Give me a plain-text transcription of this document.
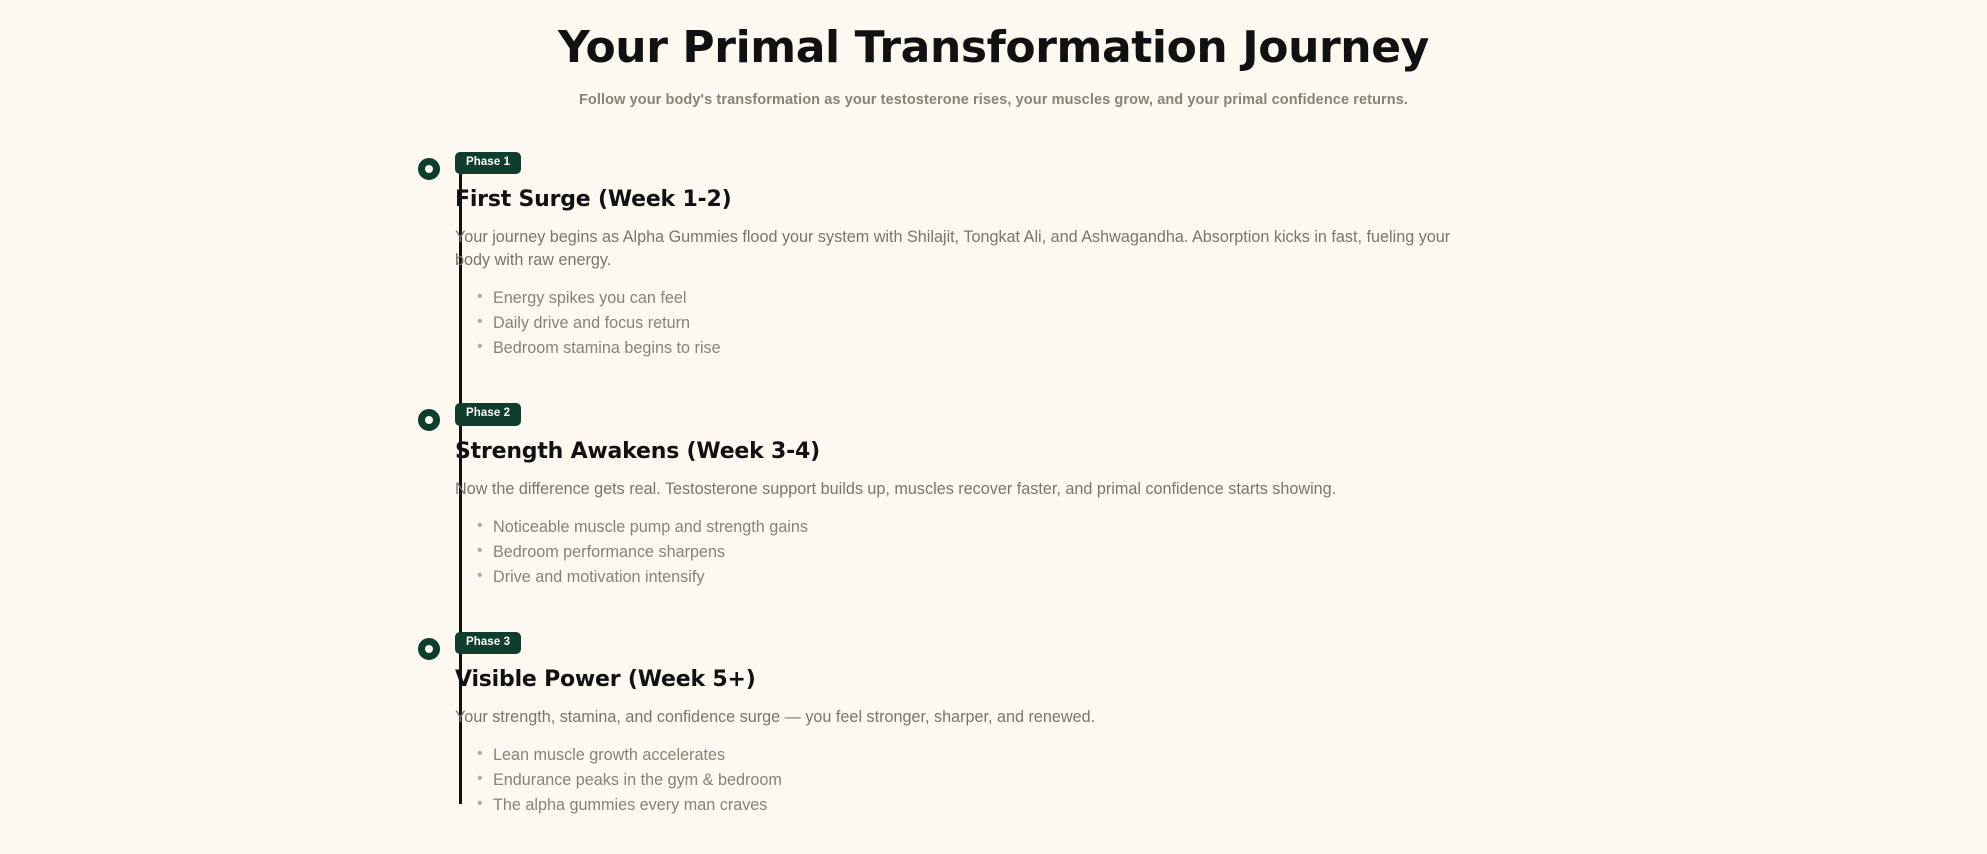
Your Primal Transformation Journey

Follow your body's transformation as your testosterone rises, your muscles grow, and your primal confidence returns.

Phase 1
First Surge (Week 1-2)

Your journey begins as Alpha Gummies flood your system with Shilajit, Tongkat Ali, and Ashwagandha. Absorption kicks in fast, fueling your body with raw energy.

• Energy spikes you can feel
• Daily drive and focus return
• Bedroom stamina begins to rise
Phase 2
Strength Awakens (Week 3-4)

Now the difference gets real. Testosterone support builds up, muscles recover faster, and primal confidence starts showing.

• Noticeable muscle pump and strength gains
• Bedroom performance sharpens
• Drive and motivation intensify
Phase 3
Visible Power (Week 5+)

Your strength, stamina, and confidence surge — you feel stronger, sharper, and renewed.

• Lean muscle growth accelerates
• Endurance peaks in the gym & bedroom
• The alpha gummies every man craves
